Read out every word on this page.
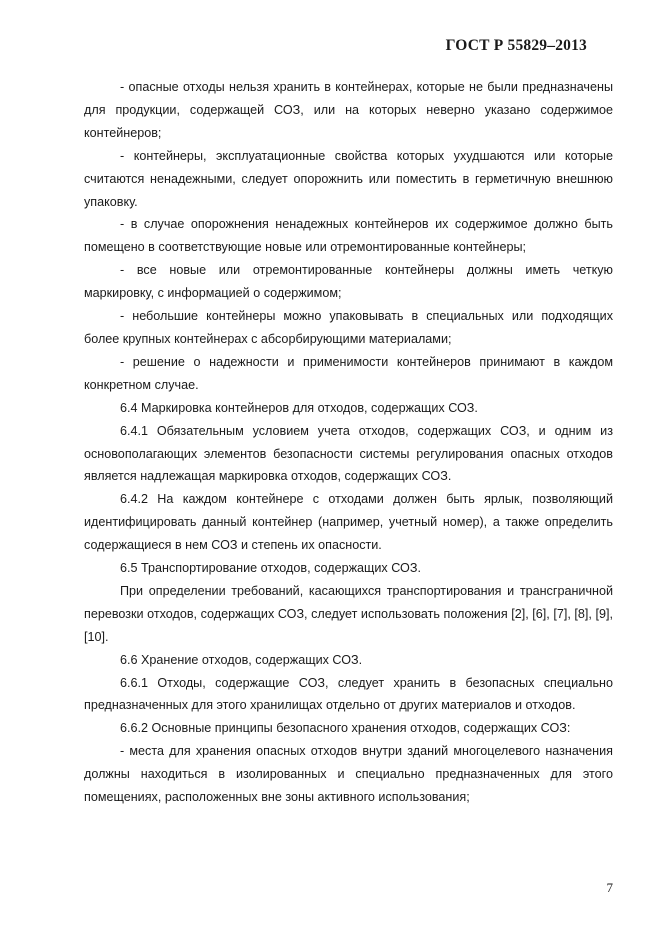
ГОСТ Р 55829–2013

- опасные отходы нельзя хранить в контейнерах, которые не были предназначены для продукции, содержащей СОЗ, или на которых неверно указано содержимое контейнеров;

- контейнеры, эксплуатационные свойства которых ухудшаются или которые считаются ненадежными, следует опорожнить или поместить в герметичную внешнюю упаковку.

- в случае опорожнения ненадежных контейнеров их содержимое должно быть помещено в соответствующие новые или отремонтированные контейнеры;

- все новые или отремонтированные контейнеры должны иметь четкую маркировку, с информацией о содержимом;

- небольшие контейнеры можно упаковывать в специальных или подходящих более крупных контейнерах с абсорбирующими материалами;

- решение о надежности и применимости контейнеров принимают в каждом конкретном случае.

6.4 Маркировка контейнеров для отходов, содержащих СОЗ.

6.4.1 Обязательным условием учета отходов, содержащих СОЗ, и одним из основополагающих элементов безопасности системы регулирования опасных отходов является надлежащая маркировка отходов, содержащих СОЗ.

6.4.2 На каждом контейнере с отходами должен быть ярлык, позволяющий идентифицировать данный контейнер (например, учетный номер), а также определить содержащиеся в нем СОЗ и степень их опасности.

6.5 Транспортирование отходов, содержащих СОЗ.

При определении требований, касающихся транспортирования и трансграничной перевозки отходов, содержащих СОЗ, следует использовать положения [2], [6], [7], [8], [9], [10].

6.6 Хранение отходов, содержащих СОЗ.

6.6.1 Отходы, содержащие СОЗ, следует хранить в безопасных специально предназначенных для этого хранилищах отдельно от других материалов и отходов.

6.6.2 Основные принципы безопасного хранения отходов, содержащих СОЗ:

- места для хранения опасных отходов внутри зданий многоцелевого назначения должны находиться в изолированных и специально предназначенных для этого помещениях, расположенных вне зоны активного использования;

7
